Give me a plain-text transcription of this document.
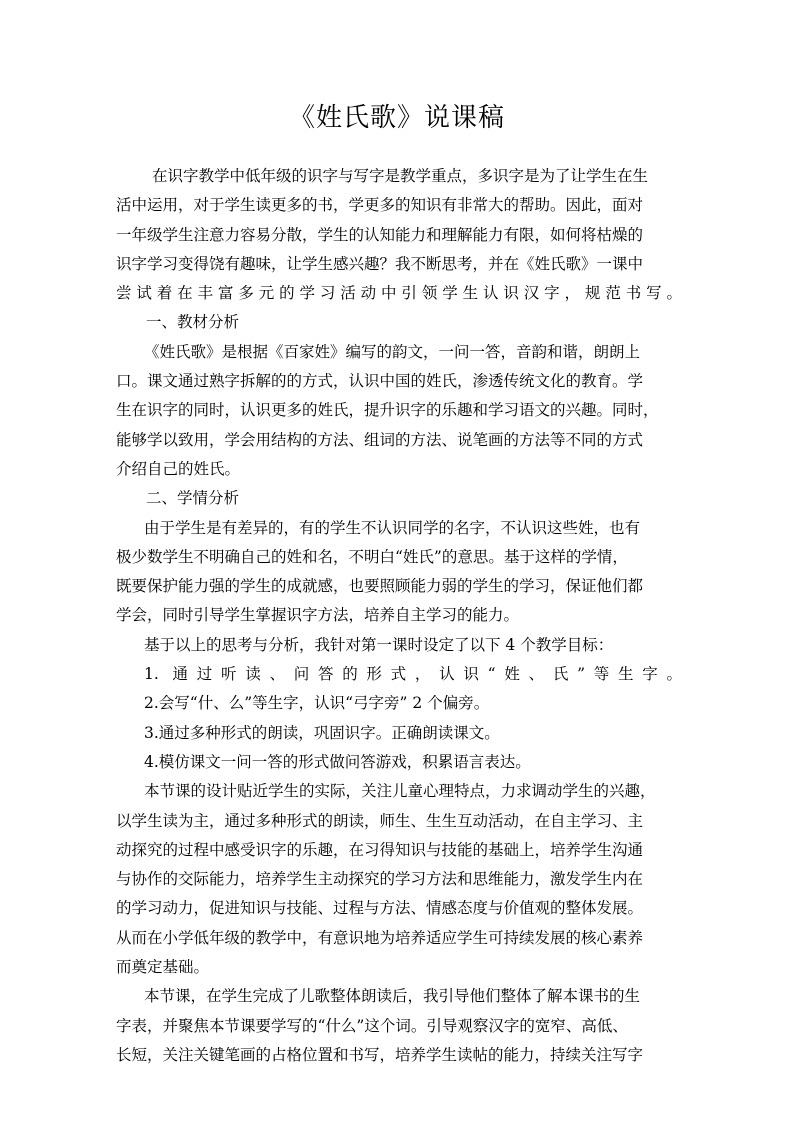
《姓氏歌》说课稿
在识字教学中低年级的识字与写字是教学重点，多识字是为了让学生在生
活中运用，对于学生读更多的书，学更多的知识有非常大的帮助。因此，面对
一年级学生注意力容易分散，学生的认知能力和理解能力有限，如何将枯燥的
识字学习变得饶有趣味，让学生感兴趣？我不断思考，并在《姓氏歌》一课中
尝试着在丰富多元的学习活动中引领学生认识汉字，规范书写。
一、教材分析
《姓氏歌》是根据《百家姓》编写的韵文，一问一答，音韵和谐，朗朗上
口。课文通过熟字拆解的的方式，认识中国的姓氏，渗透传统文化的教育。学
生在识字的同时，认识更多的姓氏，提升识字的乐趣和学习语文的兴趣。同时，
能够学以致用，学会用结构的方法、组词的方法、说笔画的方法等不同的方式
介绍自己的姓氏。
二、学情分析
由于学生是有差异的，有的学生不认识同学的名字，不认识这些姓，也有
极少数学生不明确自己的姓和名，不明白“姓氏”的意思。基于这样的学情，
既要保护能力强的学生的成就感，也要照顾能力弱的学生的学习，保证他们都
学会，同时引导学生掌握识字方法，培养自主学习的能力。
基于以上的思考与分析，我针对第一课时设定了以下 4 个教学目标：
1. 通过听读、问答的形式，认识“姓、氏”等生字。
2.会写“什、么”等生字，认识“弓字旁” 2 个偏旁。
3.通过多种形式的朗读，巩固识字。正确朗读课文。
4.模仿课文一问一答的形式做问答游戏，积累语言表达。
本节课的设计贴近学生的实际，关注儿童心理特点，力求调动学生的兴趣，
以学生读为主，通过多种形式的朗读，师生、生生互动活动，在自主学习、主
动探究的过程中感受识字的乐趣，在习得知识与技能的基础上，培养学生沟通
与协作的交际能力，培养学生主动探究的学习方法和思维能力，激发学生内在
的学习动力，促进知识与技能、过程与方法、情感态度与价值观的整体发展。
从而在小学低年级的教学中，有意识地为培养适应学生可持续发展的核心素养
而奠定基础。
本节课，在学生完成了儿歌整体朗读后，我引导他们整体了解本课书的生
字表，并聚焦本节课要学写的“什么”这个词。引导观察汉字的宽窄、高低、
长短，关注关键笔画的占格位置和书写，培养学生读帖的能力，持续关注写字
